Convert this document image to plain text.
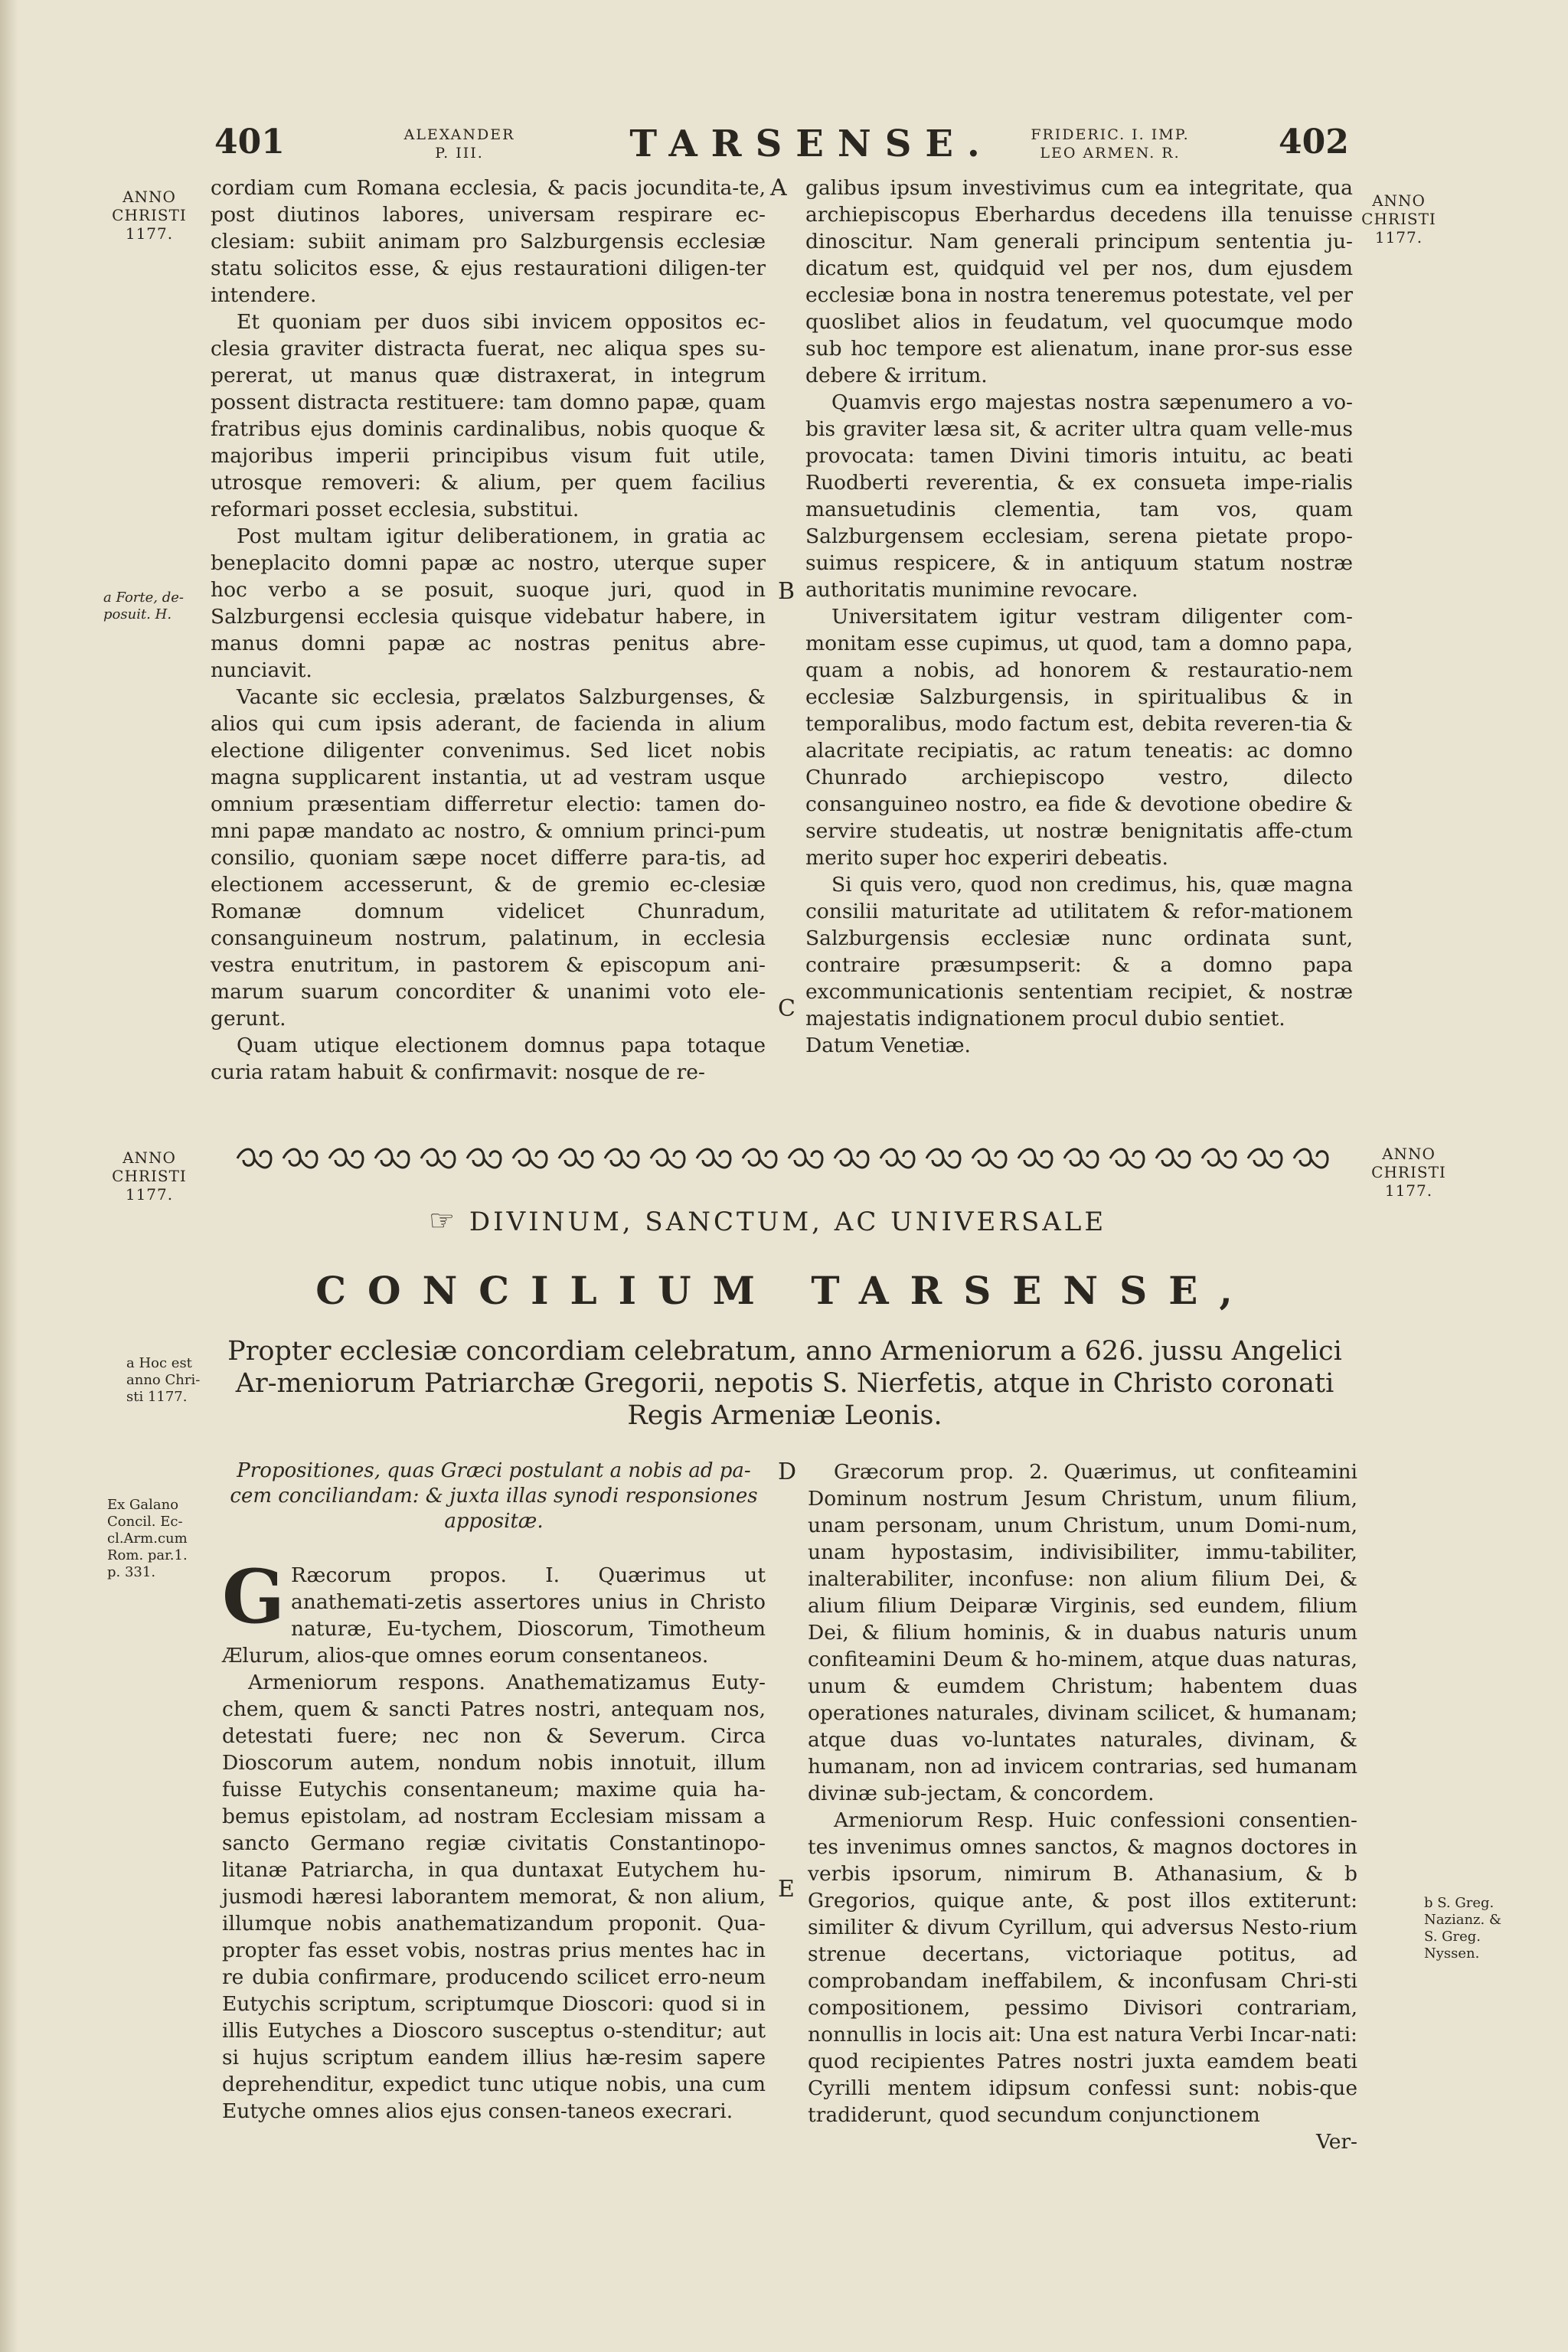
401	ALEXANDER
P. III.	TARSENSE.	FRIDERIC. I. IMP.
LEO ARMEN. R.	402
ANNO
CHRISTI
1177.
ANNO
CHRISTI
1177.
a Forte, de-
posuit. H.
ANNO
CHRISTI
1177.
ANNO
CHRISTI
1177.
a Hoc est
anno Chri-
sti 1177.
Ex Galano
Concil. Ec-
cl.Arm.cum
Rom. par.1.
p. 331.
b S. Greg.
Nazianz. &
S. Greg.
Nyssen.
A
B
C
D
E

cordiam cum Romana ecclesia, & pacis jocundita-te, post diutinos labores, universam respirare ec-clesiam: subiit animam pro Salzburgensis ecclesiæ statu solicitos esse, & ejus restaurationi diligen-ter intendere.

Et quoniam per duos sibi invicem oppositos ec-clesia graviter distracta fuerat, nec aliqua spes su-pererat, ut manus quæ distraxerat, in integrum possent distracta restituere: tam domno papæ, quam fratribus ejus dominis cardinalibus, nobis quoque & majoribus imperii principibus visum fuit utile, utrosque removeri: & alium, per quem facilius reformari posset ecclesia, substitui.

Post multam igitur deliberationem, in gratia ac beneplacito domni papæ ac nostro, uterque super hoc verbo a se posuit, suoque juri, quod in Salzburgensi ecclesia quisque videbatur habere, in manus domni papæ ac nostras penitus abre-nunciavit.

Vacante sic ecclesia, prælatos Salzburgenses, & alios qui cum ipsis aderant, de facienda in alium electione diligenter convenimus. Sed licet nobis magna supplicarent instantia, ut ad vestram usque omnium præsentiam differretur electio: tamen do-mni papæ mandato ac nostro, & omnium princi-pum consilio, quoniam sæpe nocet differre para-tis, ad electionem accesserunt, & de gremio ec-clesiæ Romanæ domnum videlicet Chunradum, consanguineum nostrum, palatinum, in ecclesia vestra enutritum, in pastorem & episcopum ani-marum suarum concorditer & unanimi voto ele-gerunt.

Quam utique electionem domnus papa totaque curia ratam habuit & confirmavit: nosque de re-

galibus ipsum investivimus cum ea integritate, qua archiepiscopus Eberhardus decedens illa tenuisse dinoscitur. Nam generali principum sententia ju-dicatum est, quidquid vel per nos, dum ejusdem ecclesiæ bona in nostra teneremus potestate, vel per quoslibet alios in feudatum, vel quocumque modo sub hoc tempore est alienatum, inane pror-sus esse debere & irritum.

Quamvis ergo majestas nostra sæpenumero a vo-bis graviter læsa sit, & acriter ultra quam velle-mus provocata: tamen Divini timoris intuitu, ac beati Ruodberti reverentia, & ex consueta impe-rialis mansuetudinis clementia, tam vos, quam Salzburgensem ecclesiam, serena pietate propo-suimus respicere, & in antiquum statum nostræ authoritatis munimine revocare.

Universitatem igitur vestram diligenter com-monitam esse cupimus, ut quod, tam a domno papa, quam a nobis, ad honorem & restauratio-nem ecclesiæ Salzburgensis, in spiritualibus & in temporalibus, modo factum est, debita reveren-tia & alacritate recipiatis, ac ratum teneatis: ac domno Chunrado archiepiscopo vestro, dilecto consanguineo nostro, ea fide & devotione obedire & servire studeatis, ut nostræ benignitatis affe-ctum merito super hoc experiri debeatis.

Si quis vero, quod non credimus, his, quæ magna consilii maturitate ad utilitatem & refor-mationem Salzburgensis ecclesiæ nunc ordinata sunt, contraire præsumpserit: & a domno papa excommunicationis sententiam recipiet, & nostræ majestatis indignationem procul dubio sentiet.

Datum Venetiæ.

☞ DIVINUM, SANCTUM, AC UNIVERSALE
CONCILIUM TARSENSE,
Propter ecclesiæ concordiam celebratum, anno Armeniorum a 626. jussu Angelici Ar-meniorum Patriarchæ Gregorii, nepotis S. Nierfetis, atque in Christo coronati Regis Armeniæ Leonis.
Propositiones, quas Græci postulant a nobis ad pa-cem conciliandam: & juxta illas synodi responsiones appositæ.

G Ræcorum propos. I. Quærimus ut anathemati-zetis assertores unius in Christo naturæ, Eu-tychem, Dioscorum, Timotheum Ælurum, alios-que omnes eorum consentaneos.

Armeniorum respons. Anathematizamus Euty-chem, quem & sancti Patres nostri, antequam nos, detestati fuere; nec non & Severum. Circa Dioscorum autem, nondum nobis innotuit, illum fuisse Eutychis consentaneum; maxime quia ha-bemus epistolam, ad nostram Ecclesiam missam a sancto Germano regiæ civitatis Constantinopo-litanæ Patriarcha, in qua duntaxat Eutychem hu-jusmodi hæresi laborantem memorat, & non alium, illumque nobis anathematizandum proponit. Qua-propter fas esset vobis, nostras prius mentes hac in re dubia confirmare, producendo scilicet erro-neum Eutychis scriptum, scriptumque Dioscori: quod si in illis Eutyches a Dioscoro susceptus o-stenditur; aut si hujus scriptum eandem illius hæ-resim sapere deprehenditur, expedict tunc utique nobis, una cum Eutyche omnes alios ejus consen-taneos execrari.

Græcorum prop. 2. Quærimus, ut confiteamini Dominum nostrum Jesum Christum, unum filium, unam personam, unum Christum, unum Domi-num, unam hypostasim, indivisibiliter, immu-tabiliter, inalterabiliter, inconfuse: non alium filium Dei, & alium filium Deiparæ Virginis, sed eundem, filium Dei, & filium hominis, & in duabus naturis unum confiteamini Deum & ho-minem, atque duas naturas, unum & eumdem Christum; habentem duas operationes naturales, divinam scilicet, & humanam; atque duas vo-luntates naturales, divinam, & humanam, non ad invicem contrarias, sed humanam divinæ sub-jectam, & concordem.

Armeniorum Resp. Huic confessioni consentien-tes invenimus omnes sanctos, & magnos doctores in verbis ipsorum, nimirum B. Athanasium, & b Gregorios, quique ante, & post illos extiterunt: similiter & divum Cyrillum, qui adversus Nesto-rium strenue decertans, victoriaque potitus, ad comprobandam ineffabilem, & inconfusam Chri-sti compositionem, pessimo Divisori contrariam, nonnullis in locis ait: Una est natura Verbi Incar-nati: quod recipientes Patres nostri juxta eamdem beati Cyrilli mentem idipsum confessi sunt: nobis-que tradiderunt, quod secundum conjunctionem

Ver-
